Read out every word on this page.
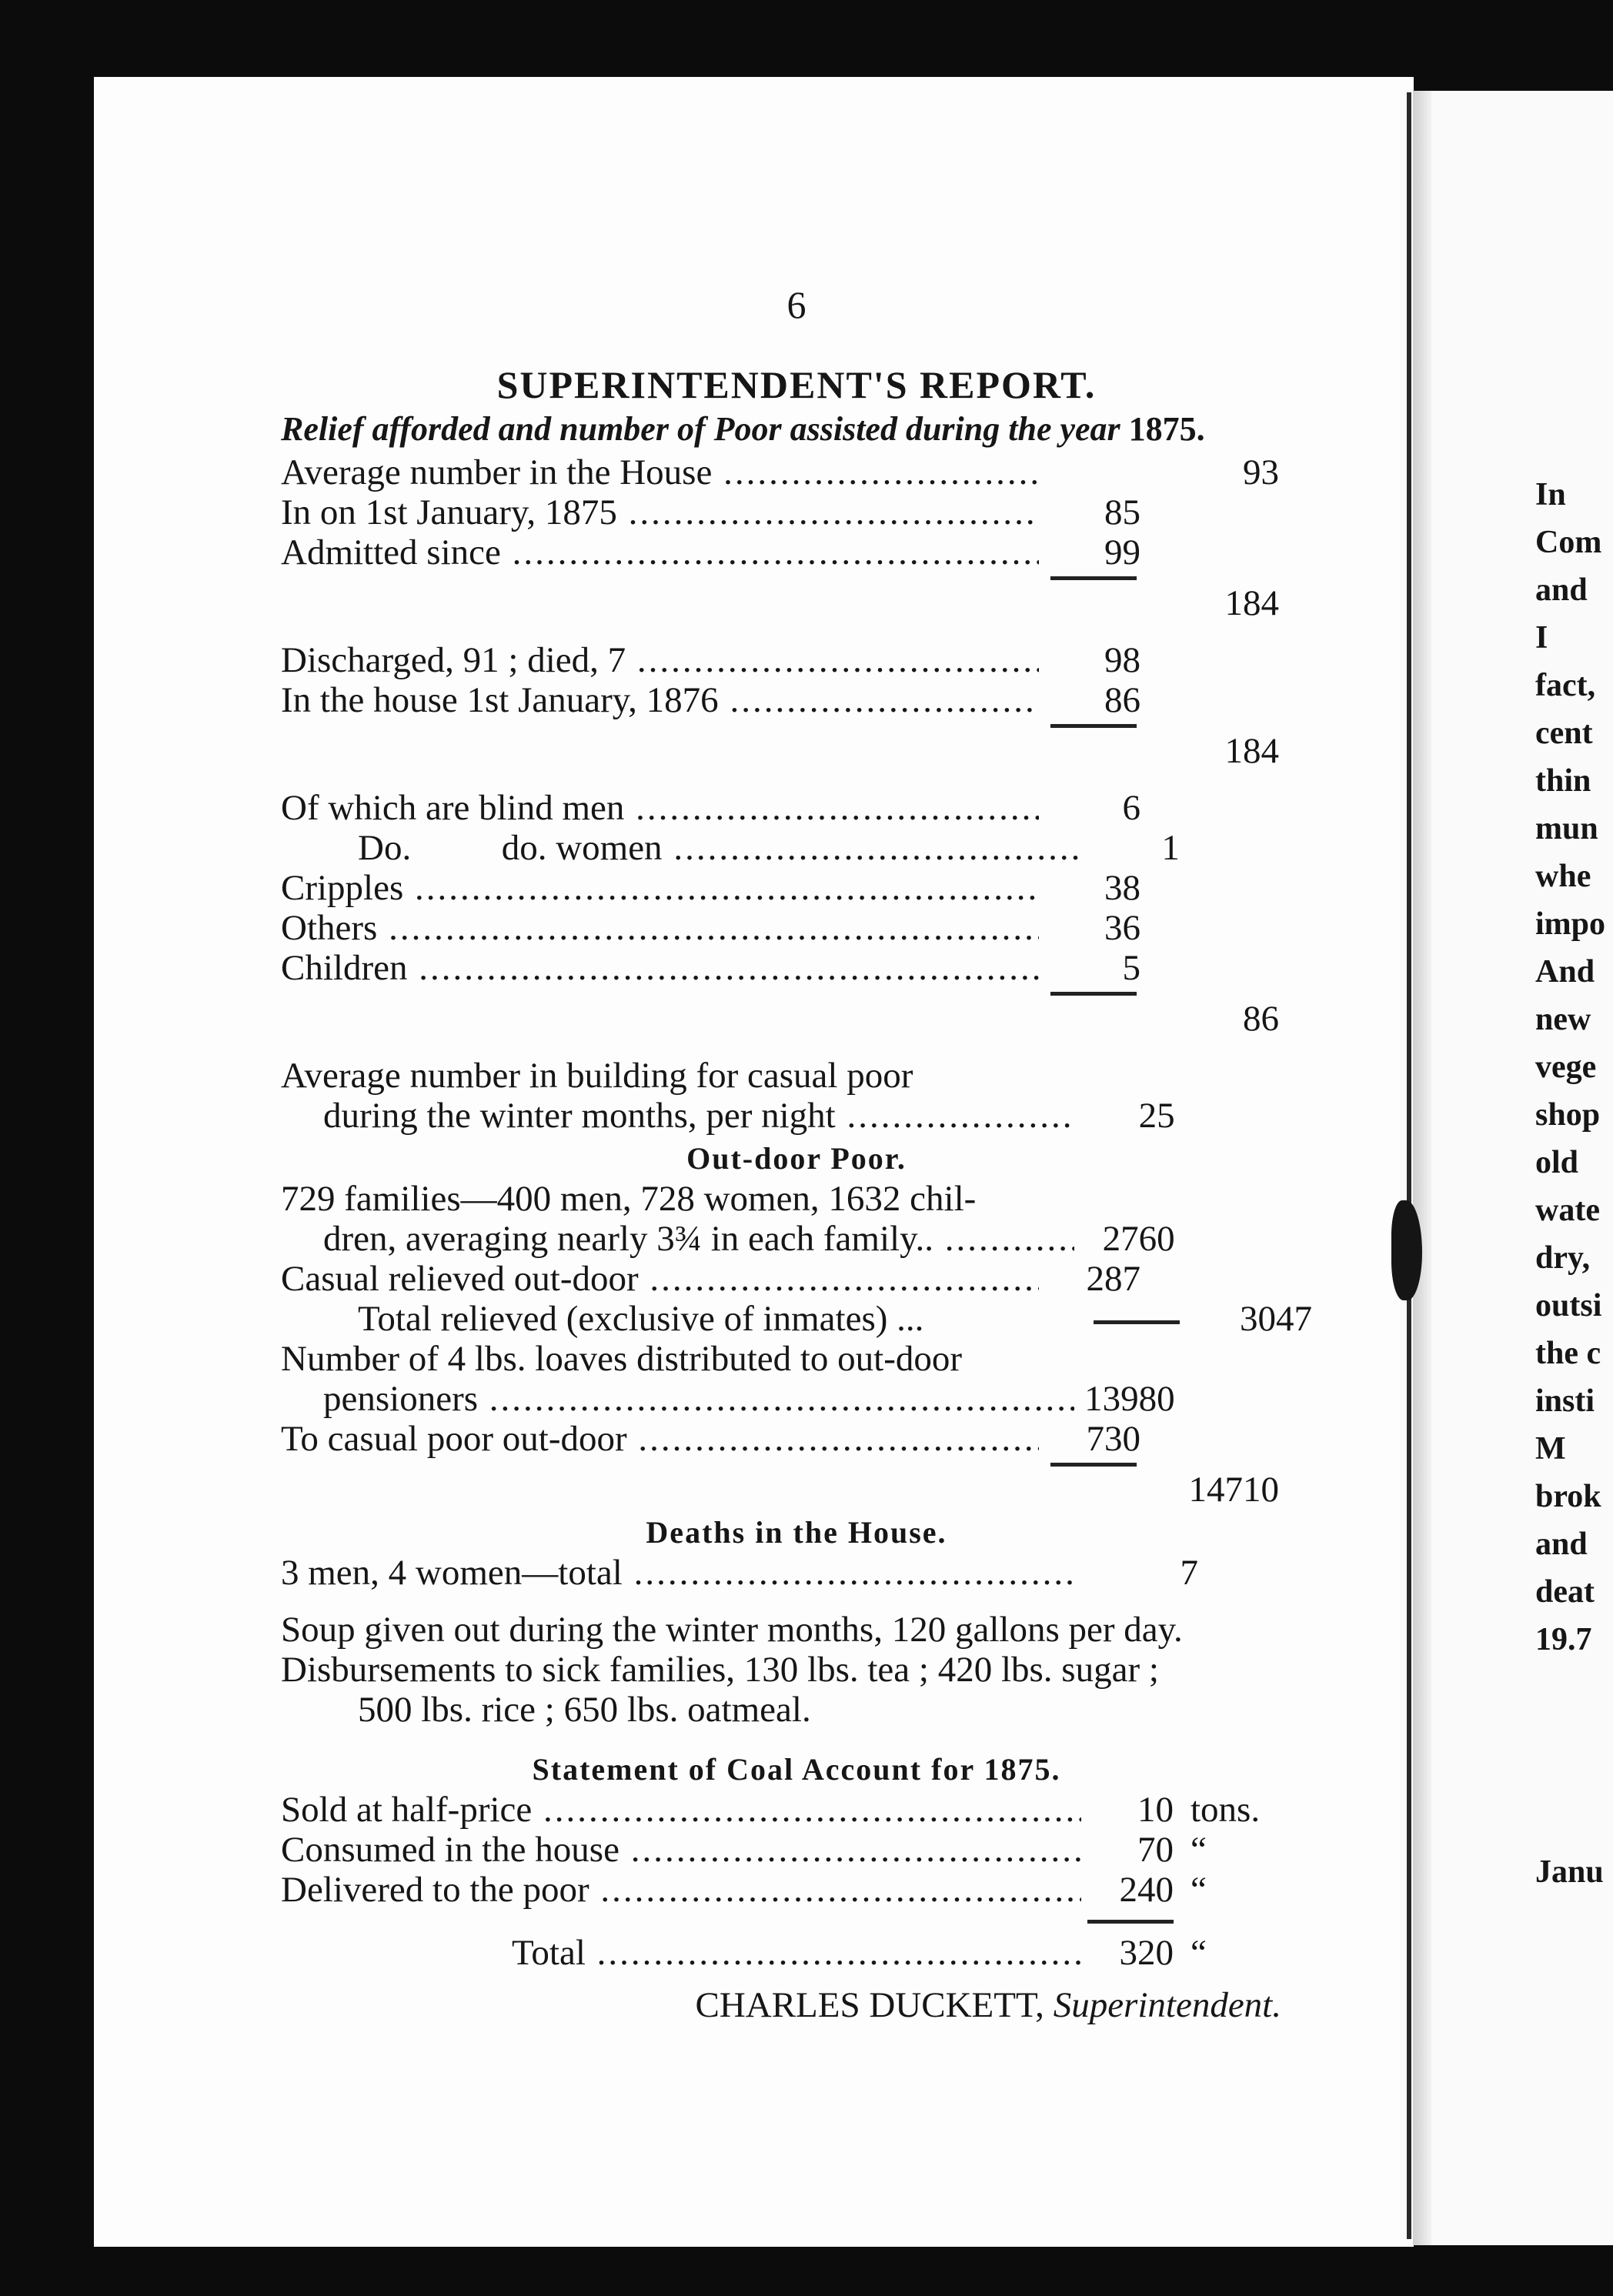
6
SUPERINTENDENT'S REPORT.
Relief afforded and number of Poor assisted during the year 1875.
Average number in the House .....	93
In on 1st January, 1875 .....	85
Admitted since .....	99
184
Discharged, 91 ; died, 7 .....	98
In the house 1st January, 1876 .....	86
184
Of which are blind men .....	6
Do.          do. women .....	1
Cripples .....	38
Others .....	36
Children .....	5
86
Average number in building for casual poor
during the winter months, per night .....	25
Out-door Poor.
729 families—400 men, 728 women, 1632 chil-
dren, averaging nearly 3¾ in each family.. .....	2760
Casual relieved out-door .....	287
Total relieved (exclusive of inmates) ...	3047
Number of 4 lbs. loaves distributed to out-door
pensioners .....	13980
To casual poor out-door .....	730
14710
Deaths in the House.
3 men, 4 women—total .....	7
Soup given out during the winter months, 120 gallons per day.
Disbursements to sick families, 130 lbs. tea ; 420 lbs. sugar ;
500 lbs. rice ; 650 lbs. oatmeal.
Statement of Coal Account for 1875.
Sold at half-price .....	10 tons.
Consumed in the house .....	70 “
Delivered to the poor .....	240 “
Total .....	320 “
CHARLES DUCKETT, Superintendent.
In
Com
and
I
fact,
cent
thin
mun
whe
impo
And
new
vege
shop
old
wate
dry,
outsi
the c
insti
M
brok
and
deat
19.7
Janu
